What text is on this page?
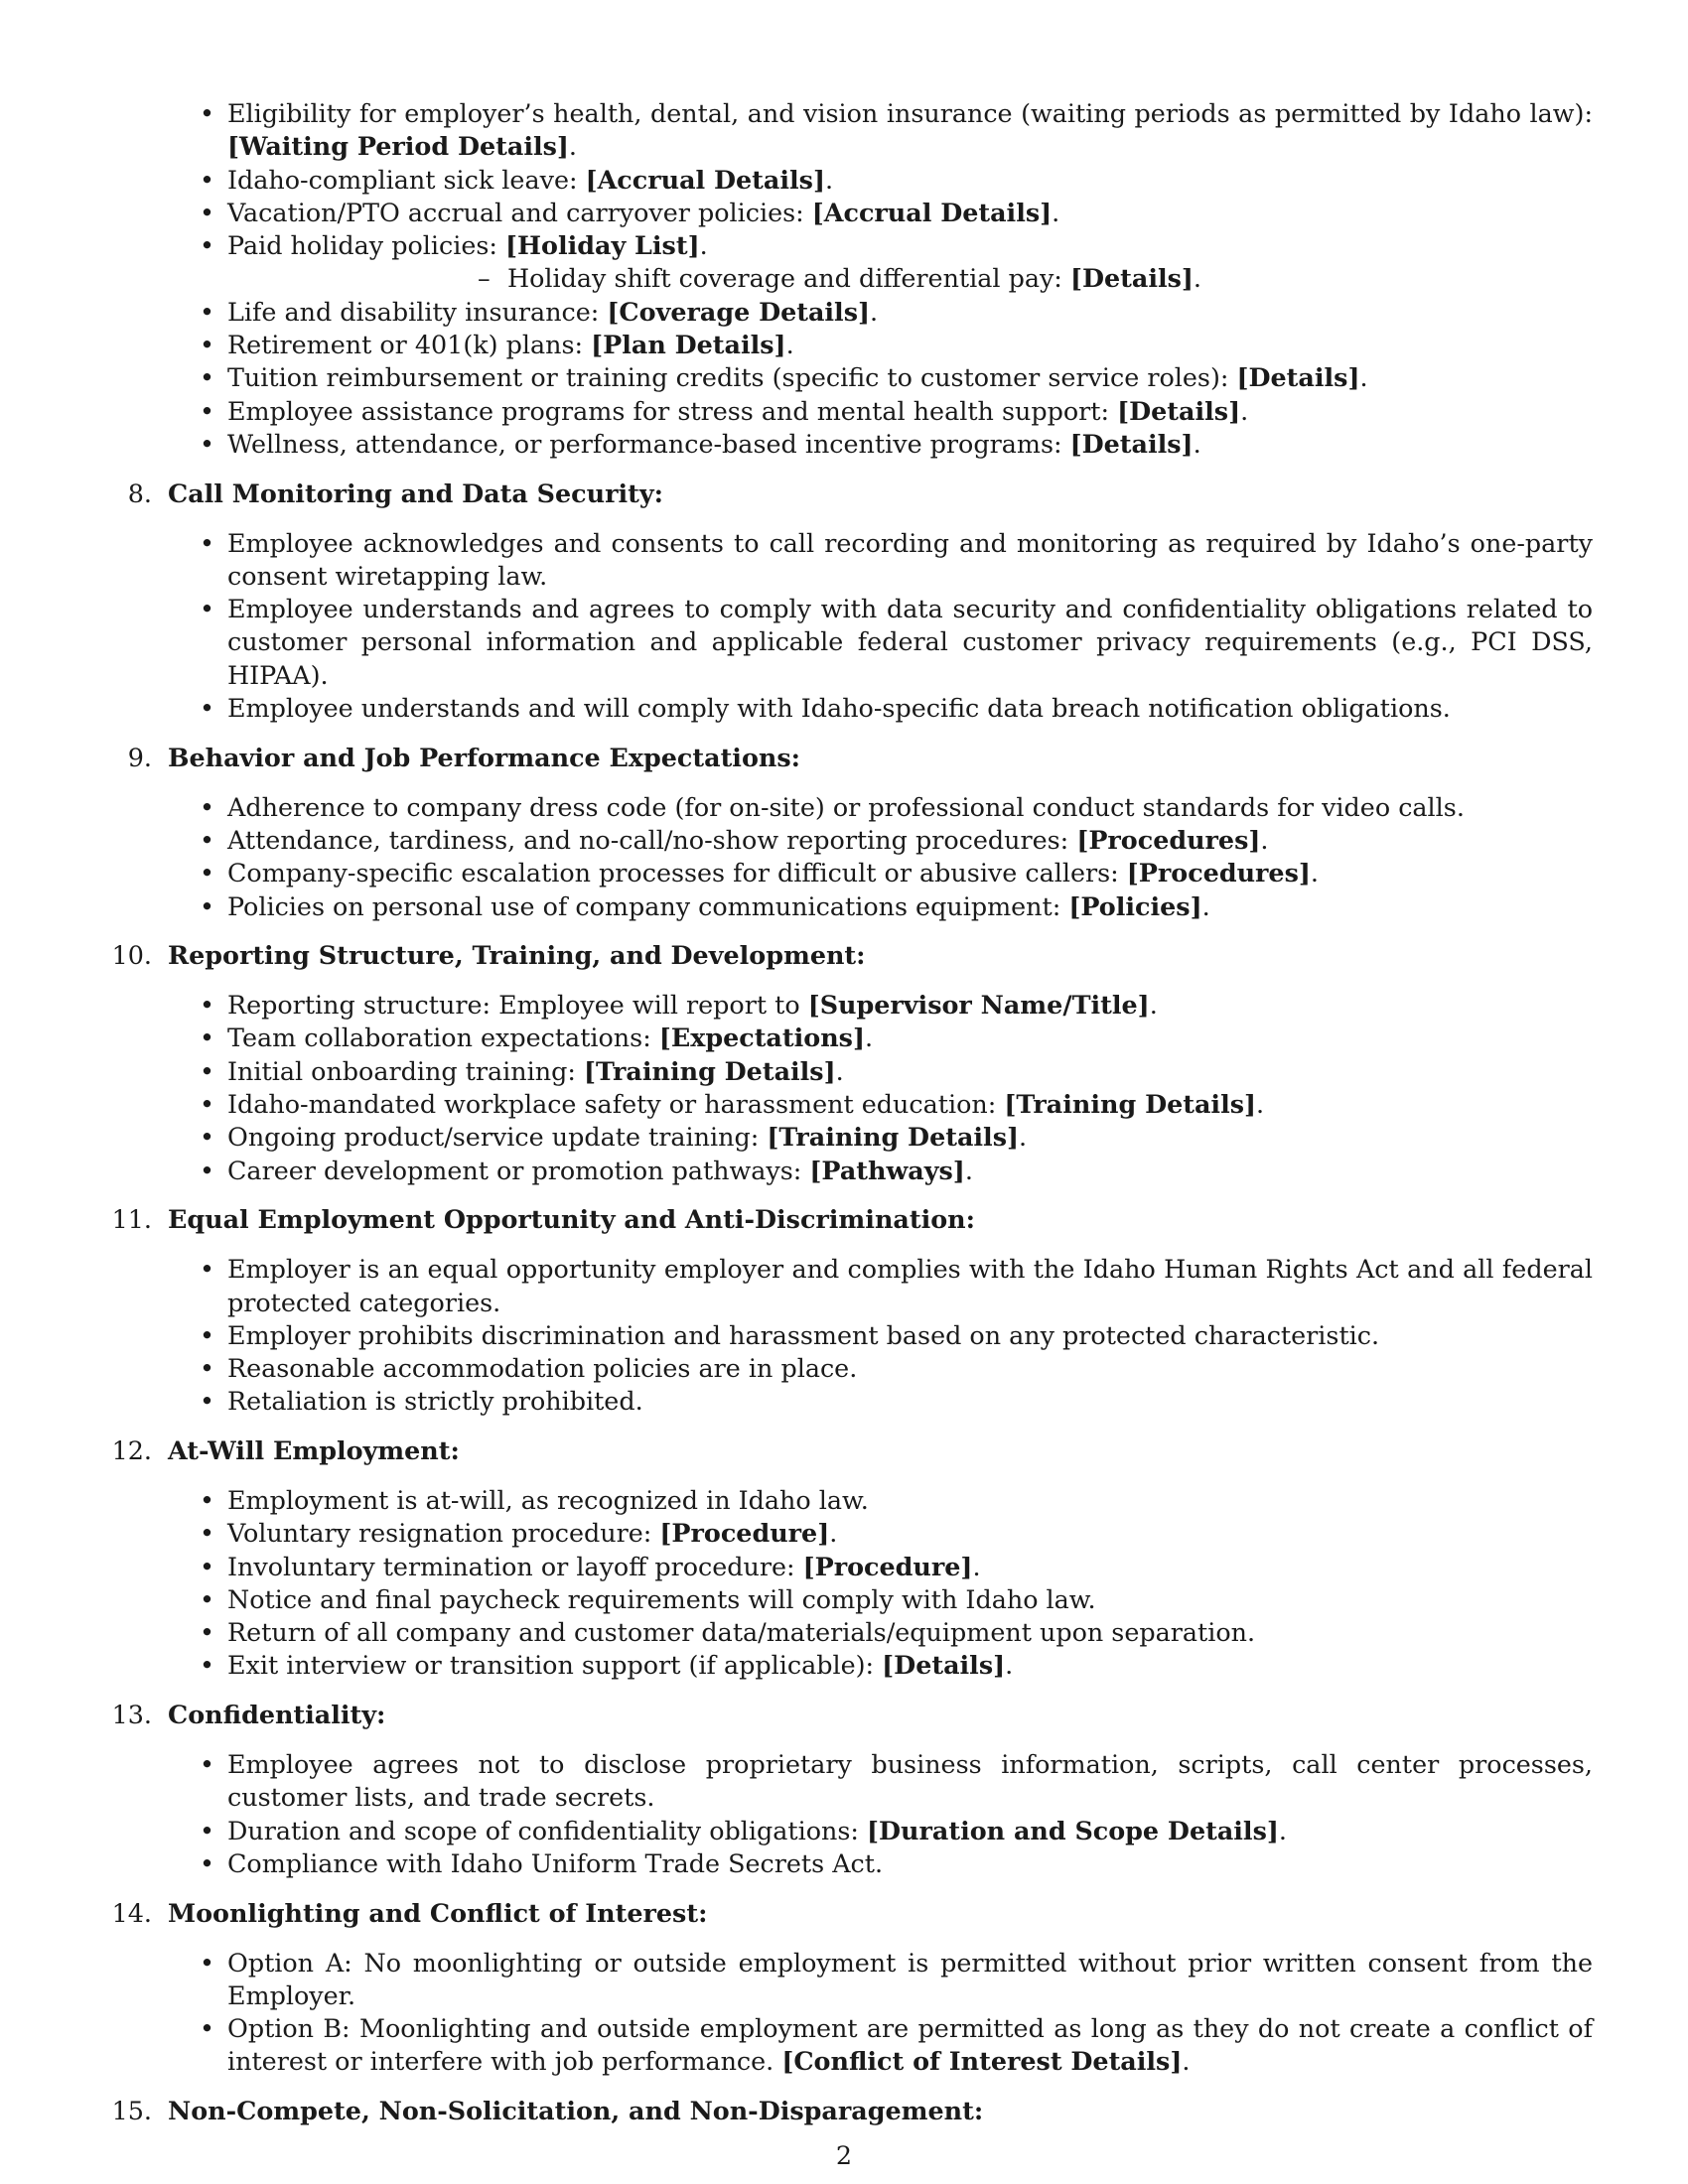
• Eligibility for employer’s health, dental, and vision insurance (waiting periods as permitted by Idaho law): [Waiting Period Details].
• Idaho-compliant sick leave: [Accrual Details].
• Vacation/PTO accrual and carryover policies: [Accrual Details].
• Paid holiday policies: [Holiday List].
– Holiday shift coverage and differential pay: [Details].
• Life and disability insurance: [Coverage Details].
• Retirement or 401(k) plans: [Plan Details].
• Tuition reimbursement or training credits (specific to customer service roles): [Details].
• Employee assistance programs for stress and mental health support: [Details].
• Wellness, attendance, or performance-based incentive programs: [Details].
8. Call Monitoring and Data Security:
• Employee acknowledges and consents to call recording and monitoring as required by Idaho’s one-party consent wiretapping law.
• Employee understands and agrees to comply with data security and confidentiality obligations related to customer personal information and applicable federal customer privacy requirements (e.g., PCI DSS, HIPAA).
• Employee understands and will comply with Idaho-specific data breach notification obligations.
9. Behavior and Job Performance Expectations:
• Adherence to company dress code (for on-site) or professional conduct standards for video calls.
• Attendance, tardiness, and no-call/no-show reporting procedures: [Procedures].
• Company-specific escalation processes for difficult or abusive callers: [Procedures].
• Policies on personal use of company communications equipment: [Policies].
10. Reporting Structure, Training, and Development:
• Reporting structure: Employee will report to [Supervisor Name/Title].
• Team collaboration expectations: [Expectations].
• Initial onboarding training: [Training Details].
• Idaho-mandated workplace safety or harassment education: [Training Details].
• Ongoing product/service update training: [Training Details].
• Career development or promotion pathways: [Pathways].
11. Equal Employment Opportunity and Anti-Discrimination:
• Employer is an equal opportunity employer and complies with the Idaho Human Rights Act and all federal protected categories.
• Employer prohibits discrimination and harassment based on any protected characteristic.
• Reasonable accommodation policies are in place.
• Retaliation is strictly prohibited.
12. At-Will Employment:
• Employment is at-will, as recognized in Idaho law.
• Voluntary resignation procedure: [Procedure].
• Involuntary termination or layoff procedure: [Procedure].
• Notice and final paycheck requirements will comply with Idaho law.
• Return of all company and customer data/materials/equipment upon separation.
• Exit interview or transition support (if applicable): [Details].
13. Confidentiality:
• Employee agrees not to disclose proprietary business information, scripts, call center processes, customer lists, and trade secrets.
• Duration and scope of confidentiality obligations: [Duration and Scope Details].
• Compliance with Idaho Uniform Trade Secrets Act.
14. Moonlighting and Conflict of Interest:
• Option A: No moonlighting or outside employment is permitted without prior written consent from the Employer.
• Option B: Moonlighting and outside employment are permitted as long as they do not create a conflict of interest or interfere with job performance. [Conflict of Interest Details].
15. Non-Compete, Non-Solicitation, and Non-Disparagement:
2
